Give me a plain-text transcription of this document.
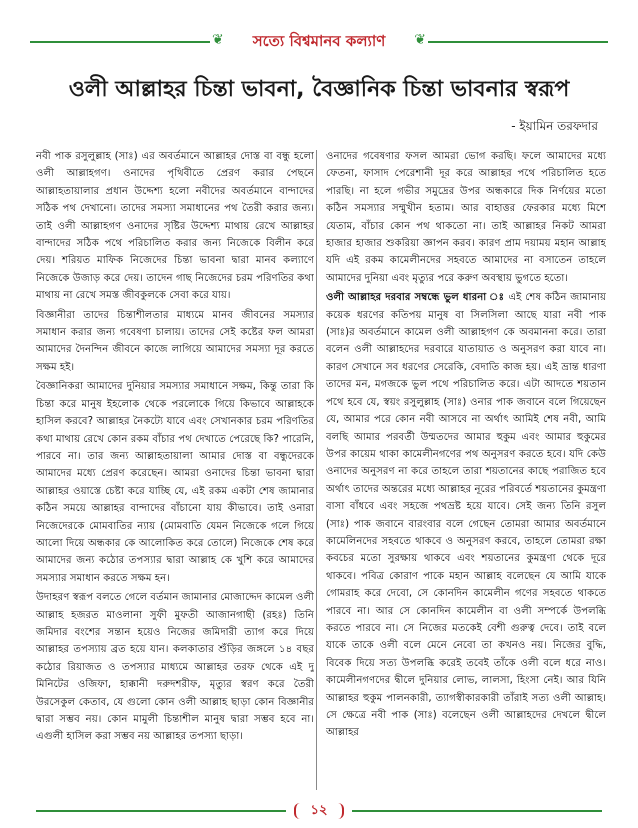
❦	সত্যে বিশ্বমানব কল্যাণ	❦
ওলী আল্লাহর চিন্তা ভাবনা, বৈজ্ঞানিক চিন্তা ভাবনার স্বরূপ
- ইয়ামিন তরফদার

নবী পাক রসুলুল্লাহ (সাঃ) এর অবর্তমানে আল্লাহর দোস্ত বা বন্ধু হলো ওলী আল্লাহগণ। ওনাদের পৃথিবীতে প্রেরণ করার পেছনে আল্লাহতায়ালার প্রধান উদ্দেশ্য হলো নবীদের অবর্তমানে বান্দাদের সঠিক পথ দেখানো। তাদের সমস্যা সমাধানের পথ তৈরী করার জন্য। তাই ওলী আল্লাহগণ ওনাদের সৃষ্টির উদ্দেশ্য মাথায় রেখে আল্লাহর বান্দাদের সঠিক পথে পরিচালিত করার জন্য নিজেকে বিলীন করে দেয়। শরিয়ত মাফিক নিজেদের চিন্তা ভাবনা দ্বারা মানব কল্যাণে নিজেকে উজাড় করে দেয়। তাদেন গাছ নিজেদের চরম পরিণতির কথা মাথায় না রেখে সমস্ত জীবকুলকে সেবা করে যায়।

বিজ্ঞানীরা তাদের চিন্তাশীলতার মাধ্যমে মানব জীবনের সমস্যার সমাধান করার জন্য গবেষণা চালায়। তাদের সেই কষ্টের ফল আমরা আমাদের দৈনন্দিন জীবনে কাজে লাগিয়ে আমাদের সমস্যা দূর করতে সক্ষম হই।

বৈজ্ঞানিকরা আমাদের দুনিয়ার সমস্যার সমাধানে সক্ষম, কিন্তু তারা কি চিন্তা করে মানুষ ইহলোক থেকে পরলোকে গিয়ে কিভাবে আল্লাহকে হাসিল করবে? আল্লাহর নৈকট্যে যাবে এবং সেখানকার চরম পরিণতির কথা মাথায় রেখে কোন রকম বাঁচার পথ দেখাতে পেরেছে কি? পারেনি, পারবে না। তার জন্য আল্লাহতায়ালা আমার দোস্ত বা বন্ধুদেরকে আমাদের মধ্যে প্রেরণ করেছেন। আমরা ওনাদের চিন্তা ভাবনা দ্বারা আল্লাহর ওয়াস্তে চেষ্টা করে যাচ্ছি যে, এই রকম একটা শেষ জামানার কঠিন সময়ে আল্লাহর বান্দাদের বাঁচানো যায় কীভাবে। তাই ওনারা নিজেদেরকে মোমবাতির ন্যায় (মোমবাতি যেমন নিজেকে গলে গিয়ে আলো দিয়ে অন্ধকার কে আলোকিত করে তোলে) নিজেকে শেষ করে আমাদের জন্য কঠোর তপস্যার দ্বারা আল্লাহ কে খুশি করে আমাদের সমস্যার সমাধান করতে সক্ষম হন।

উদাহরণ স্বরূপ বলতে গেলে বর্তমান জামানার মোজাদ্দেদ কামেল ওলী আল্লাহ হজরত মাওলানা সুফী মুফতী আজানগাছী (রহঃ) তিনি জমিদার বংশের সন্তান হয়েও নিজের জমিদারী ত্যাগ করে দিয়ে আল্লাহর তপস্যায় ব্রত হয়ে যান। কলকাতার শুঁড়ির জঙ্গলে ১৪ বছর কঠোর রিয়াজত ও তপস্যার মাধ্যমে আল্লাহর তরফ থেকে এই দু মিনিটের ওজিফা, হাক্কানী দরুদশরীফ, মৃত্যুর স্বরণ করে তৈরী উরসেকুল কেতাব, যে গুলো কোন ওলী আল্লাহ ছাড়া কোন বিজ্ঞানীর দ্বারা সম্ভব নয়। কোন মামুলী চিন্তাশীল মানুষ দ্বারা সম্ভব হবে না। এগুলী হাসিল করা সম্ভব নয় আল্লাহর তপস্যা ছাড়া।

ওনাদের গবেষণার ফসল আমরা ভোগ করছি। ফলে আমাদের মধ্যে ফেতনা, ফাসাদ পেরেশানী দূর করে আল্লাহর পথে পরিচালিত হতে পারছি। না হলে গভীর সমুদ্রের উপর অন্ধকারে দিক নির্ণয়ের মতো কঠিন সমস্যার সম্মুখীন হতাম। আর বাহাত্তর ফেরকার মধ্যে মিশে যেতাম, বাঁচার কোন পথ থাকতো না। তাই আল্লাহর নিকট আমরা হাজার হাজার শুকরিয়া জ্ঞাপন করব। কারণ প্রাম দয়াময় মহান আল্লাহ যদি এই রকম কামেলীনদের সহবতে আমাদের না বসাতেন তাহলে আমাদের দুনিয়া এবং মৃত্যুর পরে করুণ অবস্থায় ভুগতে হতো।

ওলী আল্লাহর দরবার সম্বন্ধে ভুল ধারনা ঃ এই শেষ কঠিন জামানায় কয়েক ধরণের কতিপয় মানুষ বা সিলসিলা আছে যারা নবী পাক (সাঃ)র অবর্তমানে কামেল ওলী আল্লাহগণ কে অবমাননা করে। তারা বলেন ওলী আল্লাহদের দরবারে যাতায়াত ও অনুসরণ করা যাবে না। কারণ সেখানে সব ধরণের সেরেকি, বেদাতি কাজ হয়। এই ভ্রান্ত ধারণা তাদের মন, মগজকে ভুল পথে পরিচালিত করে। এটা আদতে শয়তান পথে হবে যে, স্বয়ং রসুলুল্লাহ (সাঃ) ওনার পাক জবানে বলে গিয়েছেন যে, আমার পরে কোন নবী আসবে না অর্থাৎ আমিই শেষ নবী, আমি বলছি আমার পরবর্তী উম্মতদের আমার হুকুম এবং আমার হুকুমের উপর কায়েম থাকা কামেলীনগণের পথ অনুসরণ করতে হবে। যদি কেউ ওনাদের অনুসরণ না করে তাহলে তারা শয়তানের কাছে পরাজিত হবে অর্থাৎ তাদের অন্তরের মধ্যে আল্লাহর নূরের পরিবর্তে শয়তানের কুমন্ত্রণা বাসা বাঁধবে এবং সহজে পথভ্রষ্ট হয়ে যাবে। সেই জন্য তিনি রসুল (সাঃ) পাক জবানে বারংবার বলে গেছেন তোমরা আমার অবর্তমানে কামেলিনদের সহবতে থাকবে ও অনুসরণ করবে, তাহলে তোমরা রক্ষা কবচের মতো সুরক্ষায় থাকবে এবং শয়তানের কুমন্ত্রণা থেকে দূরে থাকবে। পবিত্র কোরাণ পাকে মহান আল্লাহ বলেছেন যে আমি যাকে গোমরাহ করে দেবো, সে কোনদিন কামেলীন গণের সহবতে থাকতে পারবে না। আর সে কোনদিন কামেলীন বা ওলী সম্পর্কে উপলব্ধি করতে পারবে না। সে নিজের মতকেই বেশী গুরুত্ব দেবে। তাই বলে যাকে তাকে ওলী বলে মেনে নেবো তা কখনও নয়। নিজের বুদ্ধি, বিবেক দিয়ে সত্য উপলব্ধি করেই তবেই তাঁকে ওলী বলে ধরে নাও। কামেলীনগণদের দ্বীলে দুনিয়ার লোভ, লালসা, হিংসা নেই। আর যিনি আল্লাহর হুকুম পালনকারী, ত্যাগস্বীকারকারী তাঁরাই সত্য ওলী আল্লাহ। সে ক্ষেত্রে নবী পাক (সাঃ) বলেছেন ওলী আল্লাহদের দেখলে দ্বীলে আল্লাহর

১২
